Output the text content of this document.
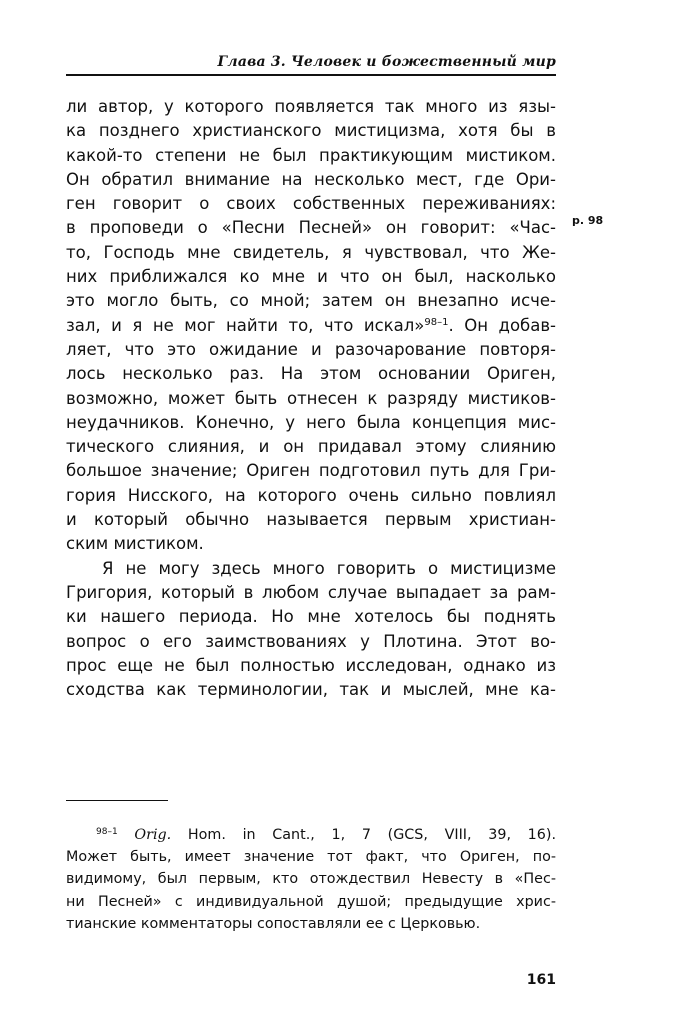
Глава 3. Человек и божественный мир
p. 98
ли автор, у которого появляется так много из язы-
ка позднего христианского мистицизма, хотя бы в
какой-то степени не был практикующим мистиком.
Он обратил внимание на несколько мест, где Ори-
ген говорит о своих собственных переживаниях:
в проповеди о «Песни Песней» он говорит: «Час-
то, Господь мне свидетель, я чувствовал, что Же-
них приближался ко мне и что он был, насколько
это могло быть, со мной; затем он внезапно исче-
зал, и я не мог найти то, что искал»$^{98-1}$. Он добав-
ляет, что это ожидание и разочарование повторя-
лось несколько раз. На этом основании Ориген,
возможно, может быть отнесен к разряду мистиков-
неудачников. Конечно, у него была концепция мис-
тического слияния, и он придавал этому слиянию
большое значение; Ориген подготовил путь для Гри-
гория Нисского, на которого очень сильно повлиял
и который обычно называется первым христиан-
ским мистиком.
Я не могу здесь много говорить о мистицизме
Григория, который в любом случае выпадает за рам-
ки нашего периода. Но мне хотелось бы поднять
вопрос о его заимствованиях у Плотина. Этот во-
прос еще не был полностью исследован, однако из
сходства как терминологии, так и мыслей, мне ка-
$^{98-1}$ Orig. Hom. in Cant., 1, 7 (GCS, VIII, 39, 16).
Может быть, имеет значение тот факт, что Ориген, по-
видимому, был первым, кто отождествил Невесту в «Пес-
ни Песней» с индивидуальной душой; предыдущие хрис-
тианские комментаторы сопоставляли ее с Церковью.
161
